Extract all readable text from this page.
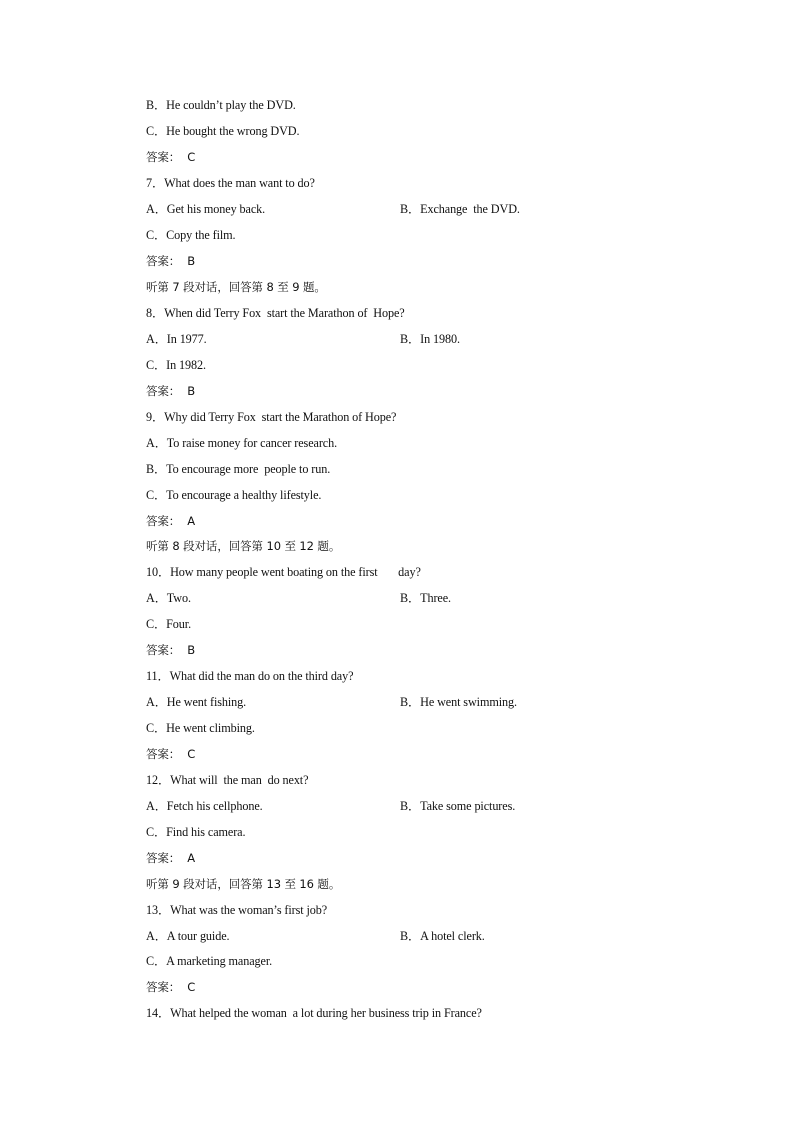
B．He couldn’t play the DVD.
C．He bought the wrong DVD.
答案：  C
7．What does the man want to do?
A．Get his money back.	B．Exchange  the DVD.
C．Copy the film.
答案：  B
听第 7 段对话，回答第 8 至 9 题。
8．When did Terry Fox  start the Marathon of  Hope?
A．In 1977.	B．In 1980.
C．In 1982.
答案：  B
9．Why did Terry Fox  start the Marathon of Hope?
A．To raise money for cancer research.
B．To encourage more  people to run.
C．To encourage a healthy lifestyle.
答案：  A
听第 8 段对话，回答第 10 至 12 题。
10．How many people went boating on the first       day?
A．Two.	B．Three.
C．Four.
答案：  B
11．What did the man do on the third day?
A．He went fishing.	B．He went swimming.
C．He went climbing.
答案：  C
12．What will  the man  do next?
A．Fetch his cellphone.	B．Take some pictures.
C．Find his camera.
答案：  A
听第 9 段对话，回答第 13 至 16 题。
13．What was the woman’s first job?
A．A tour guide.	B．A hotel clerk.
C．A marketing manager.
答案：  C
14．What helped the woman  a lot during her business trip in France?
